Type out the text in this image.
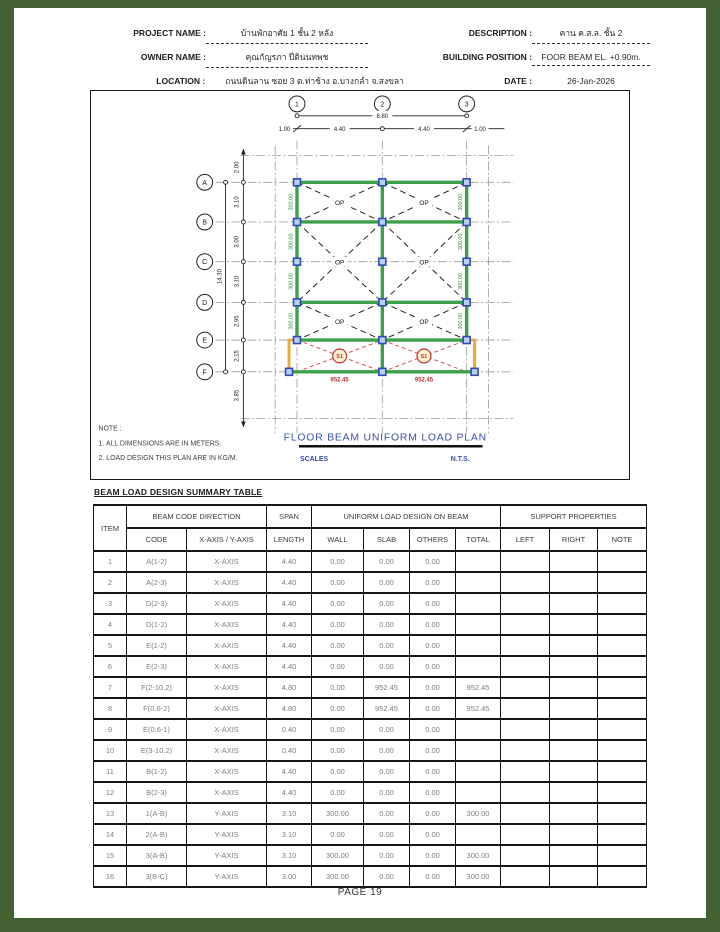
PROJECT NAME :	บ้านพักอาศัย 1 ชั้น 2 หลัง
OWNER NAME :	คุณกัญรภา ปีตินนทพช
LOCATION :	ถนนดินลาน ซอย 3 ต.ท่าช้าง อ.บางกล่ำ จ.สงขลา
DESCRIPTION :	คาน ค.ส.ล. ชั้น 2
BUILDING POSITION :	FOOR BEAM EL. +0.90m.
DATE :	26-Jan-2026
OP	OP
OP	OP
OP	OP
300.00
300.00
300.00
300.00
300.00
300.00
300.00
300.00
S1	S1
952.45	952.45
1	2	3
8.80
1.00	4.40	4.40	1.00
A
B
C
D
E
F
14.30
2.00
3.10
3.00
3.10
2.95
2.15
3.85
NOTE :
1. ALL DIMENSIONS ARE IN METERS.
2. LOAD DESIGN THIS PLAN ARE IN KG/M.
FLOOR BEAM UNIFORM LOAD PLAN
SCALES	N.T.S.
BEAM LOAD DESIGN SUMMARY TABLE
ITEM	BEAM CODE DIRECTION		SPAN	UNIFORM LOAD DESIGN ON BEAM				SUPPORT PROPERTIES		
	CODE	X-AXIS / Y-AXIS	LENGTH	WALL	SLAB	OTHERS	TOTAL	LEFT	RIGHT	NOTE
1	A(1-2)	X-AXIS	4.40	0.00	0.00	0.00				
2	A(2-3)	X-AXIS	4.40	0.00	0.00	0.00				
3	D(2-3)	X-AXIS	4.40	0.00	0.00	0.00				
4	D(1-2)	X-AXIS	4.40	0.00	0.00	0.00				
5	E(1-2)	X-AXIS	4.40	0.00	0.00	0.00				
6	E(2-3)	X-AXIS	4.40	0.00	0.00	0.00				
7	F(2-10.2)	X-AXIS	4.80	0.00	952.45	0.00	952.45			
8	F(0.6-2)	X-AXIS	4.80	0.00	952.45	0.00	952.45			
9	E(0.6-1)	X-AXIS	0.40	0.00	0.00	0.00				
10	E(3-10.2)	X-AXIS	0.40	0.00	0.00	0.00				
11	B(1-2)	X-AXIS	4.40	0.00	0.00	0.00				
12	B(2-3)	X-AXIS	4.40	0.00	0.00	0.00				
13	1(A-B)	Y-AXIS	3.10	300.00	0.00	0.00	300.00			
14	2(A-B)	Y-AXIS	3.10	0.00	0.00	0.00				
15	3(A-B)	Y-AXIS	3.10	300.00	0.00	0.00	300.00			
16	3(B-C)	Y-AXIS	3.00	300.00	0.00	0.00	300.00			
PAGE 19
